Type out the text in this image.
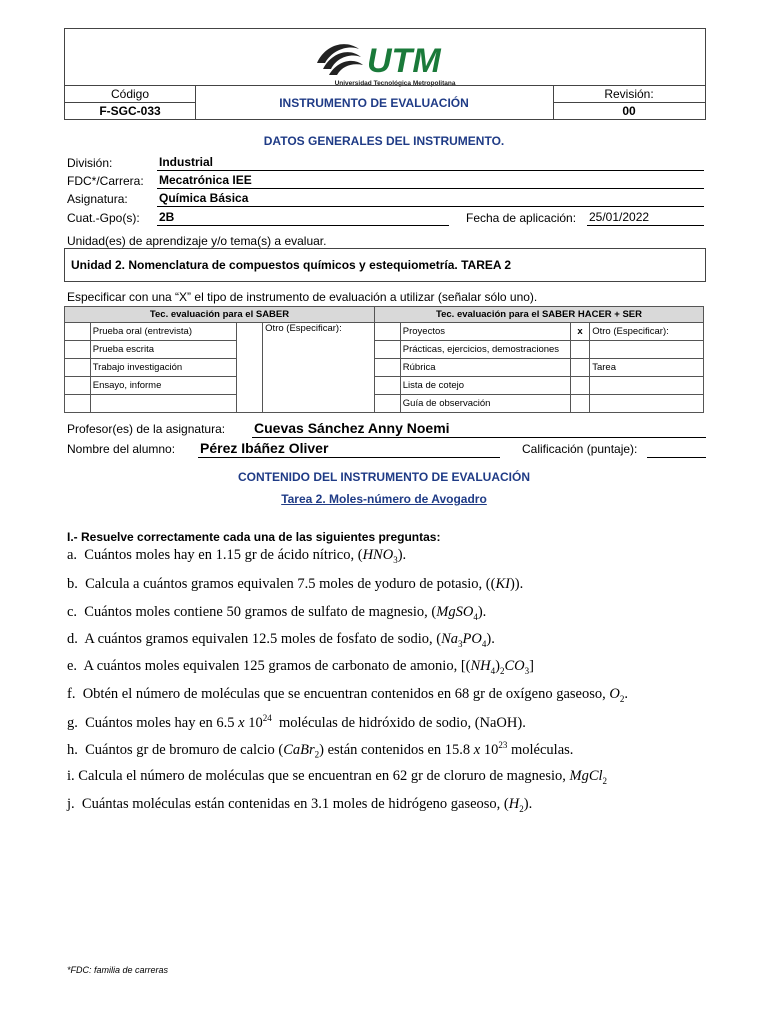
UTM
Universidad Tecnológica Metropolitana
Código
F-SGC-033
INSTRUMENTO DE EVALUACIÓN
Revisión:
00
DATOS GENERALES DEL INSTRUMENTO.
División:	Industrial
FDC*/Carrera: Mecatrónica IEE
Asignatura:	Química Básica
Cuat.-Gpo(s): 2B	Fecha de aplicación: 25/01/2022
Unidad(es) de aprendizaje y/o tema(s) a evaluar.
Unidad 2. Nomenclatura de compuestos químicos y estequiometría. TAREA 2
Especificar con una “X” el tipo de instrumento de evaluación a utilizar (señalar sólo uno).
Tec. evaluación para el SABER				Tec. evaluación para el SABER HACER + SER			
	Prueba oral (entrevista)		Otro (Especificar):		Proyectos	x	Otro (Especificar):
	Prueba escrita				Prácticas, ejercicios, demostraciones		
	Trabajo investigación				Rúbrica		Tarea
	Ensayo, informe				Lista de cotejo		
					Guía de observación		
Profesor(es) de la asignatura: Cuevas Sánchez Anny Noemi
Nombre del alumno: Pérez Ibáñez Oliver	Calificación (puntaje):
CONTENIDO DEL INSTRUMENTO DE EVALUACIÓN
Tarea 2. Moles-número de Avogadro
I.- Resuelve correctamente cada una de las siguientes preguntas:
a.  Cuántos moles hay en 1.15 gr de ácido nítrico, $(HNO_3)$.
b.  Calcula a cuántos gramos equivalen 7.5 moles de yoduro de potasio, ((KI)).
c.  Cuántos moles contiene 50 gramos de sulfato de magnesio, (MgSO$_4$).
d.  A cuántos gramos equivalen 12.5 moles de fosfato de sodio, $(Na_3PO_4)$.
e.  A cuántos moles equivalen 125 gramos de carbonato de amonio, $[(NH_4)_2CO_3]$
f.  Obtén el número de moléculas que se encuentran contenidos en 68 gr de oxígeno gaseoso, $O_2$.
g.  Cuántos moles hay en 6.5 x $10^{24}$  moléculas de hidróxido de sodio, (NaOH).
h.  Cuántos gr de bromuro de calcio (CaBr$_2$) están contenidos en 15.8 x $10^{23}$ moléculas.
i. Calcula el número de moléculas que se encuentran en 62 gr de cloruro de magnesio, MgCl$_2$
j.  Cuántas moléculas están contenidas en 3.1 moles de hidrógeno gaseoso, $(H_2)$.
*FDC: familia de carreras
